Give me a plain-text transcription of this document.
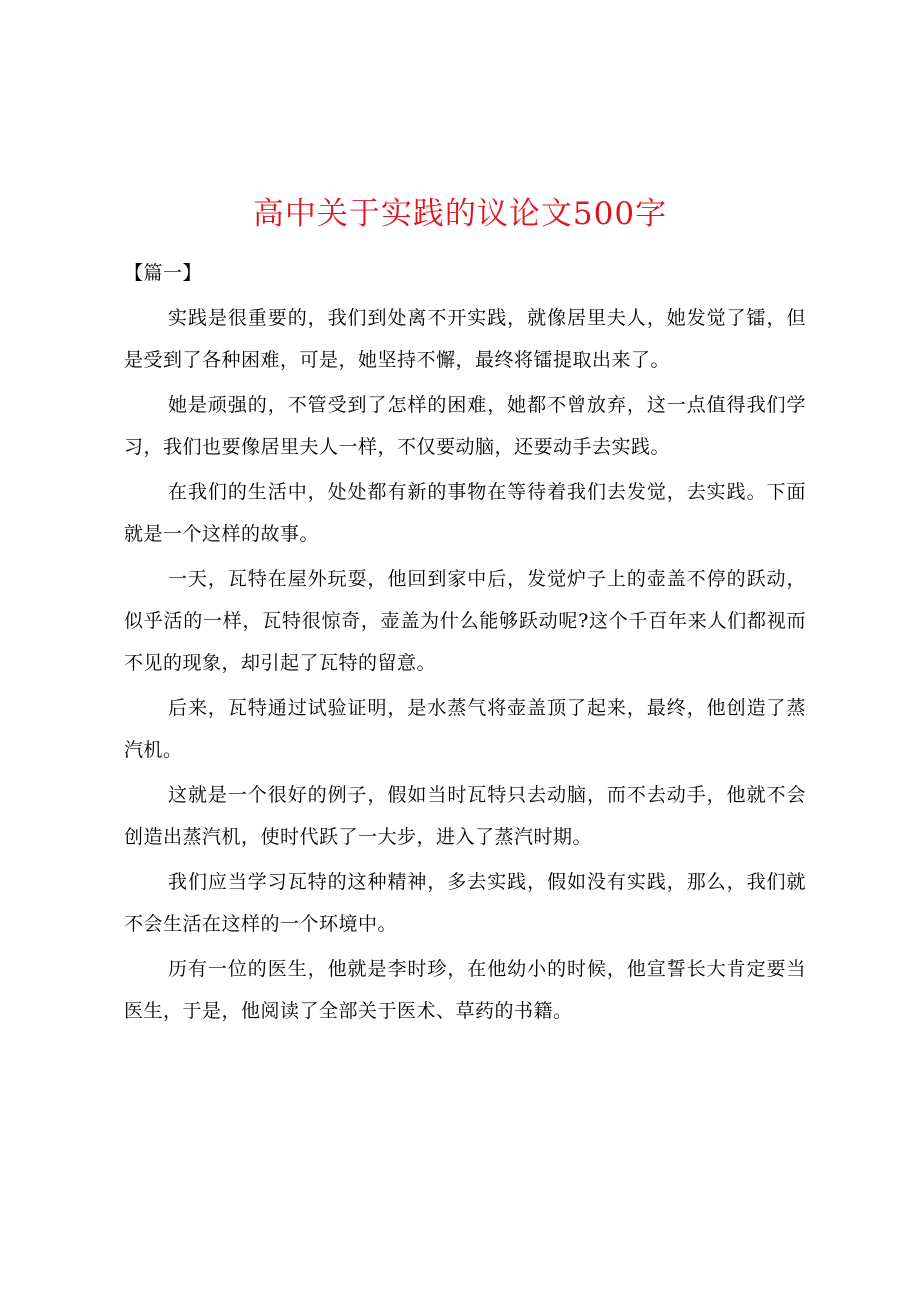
高中关于实践的议论文500字

【篇一】

实践是很重要的，我们到处离不开实践，就像居里夫人，她发觉了镭，但是受到了各种困难，可是，她坚持不懈，最终将镭提取出来了。

她是顽强的，不管受到了怎样的困难，她都不曾放弃，这一点值得我们学习，我们也要像居里夫人一样，不仅要动脑，还要动手去实践。

在我们的生活中，处处都有新的事物在等待着我们去发觉，去实践。下面就是一个这样的故事。

一天，瓦特在屋外玩耍，他回到家中后，发觉炉子上的壶盖不停的跃动，似乎活的一样，瓦特很惊奇，壶盖为什么能够跃动呢?这个千百年来人们都视而不见的现象，却引起了瓦特的留意。

后来，瓦特通过试验证明，是水蒸气将壶盖顶了起来，最终，他创造了蒸汽机。

这就是一个很好的例子，假如当时瓦特只去动脑，而不去动手，他就不会创造出蒸汽机，使时代跃了一大步，进入了蒸汽时期。

我们应当学习瓦特的这种精神，多去实践，假如没有实践，那么，我们就不会生活在这样的一个环境中。

历有一位的医生，他就是李时珍，在他幼小的时候，他宣誓长大肯定要当医生，于是，他阅读了全部关于医术、草药的书籍。
